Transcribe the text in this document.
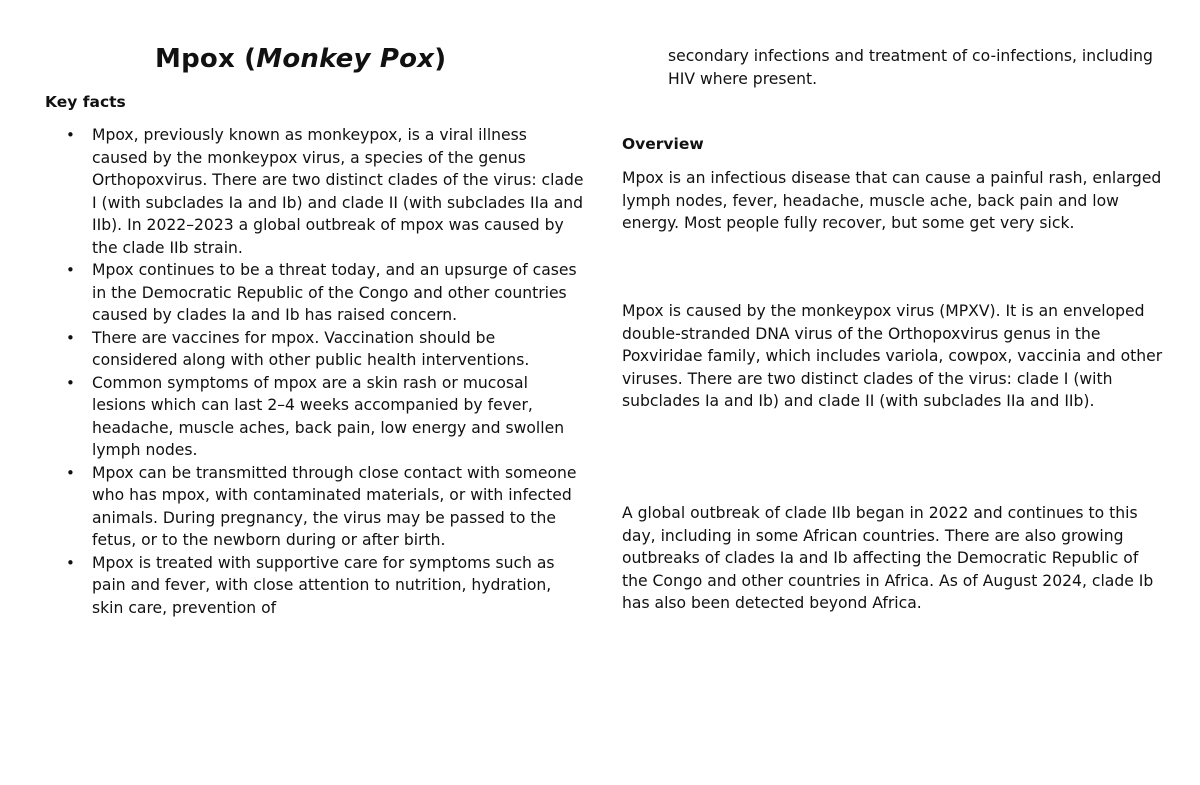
Mpox (Monkey Pox)
Key facts
• Mpox, previously known as monkeypox, is a viral illness caused by the monkeypox virus, a species of the genus Orthopoxvirus. There are two distinct clades of the virus: clade I (with subclades Ia and Ib) and clade II (with subclades IIa and IIb). In 2022–2023 a global outbreak of mpox was caused by the clade IIb strain.
• Mpox continues to be a threat today, and an upsurge of cases in the Democratic Republic of the Congo and other countries caused by clades Ia and Ib has raised concern.
• There are vaccines for mpox. Vaccination should be considered along with other public health interventions.
• Common symptoms of mpox are a skin rash or mucosal lesions which can last 2–4 weeks accompanied by fever, headache, muscle aches, back pain, low energy and swollen lymph nodes.
• Mpox can be transmitted through close contact with someone who has mpox, with contaminated materials, or with infected animals. During pregnancy, the virus may be passed to the fetus, or to the newborn during or after birth.
• Mpox is treated with supportive care for symptoms such as pain and fever, with close attention to nutrition, hydration, skin care, prevention of

secondary infections and treatment of co-infections, including HIV where present.

Overview

Mpox is an infectious disease that can cause a painful rash, enlarged lymph nodes, fever, headache, muscle ache, back pain and low energy. Most people fully recover, but some get very sick.

Mpox is caused by the monkeypox virus (MPXV). It is an enveloped double-stranded DNA virus of the Orthopoxvirus genus in the Poxviridae family, which includes variola, cowpox, vaccinia and other viruses. There are two distinct clades of the virus: clade I (with subclades Ia and Ib) and clade II (with subclades IIa and IIb).

A global outbreak of clade IIb began in 2022 and continues to this day, including in some African countries. There are also growing outbreaks of clades Ia and Ib affecting the Democratic Republic of the Congo and other countries in Africa. As of August 2024, clade Ib has also been detected beyond Africa.
